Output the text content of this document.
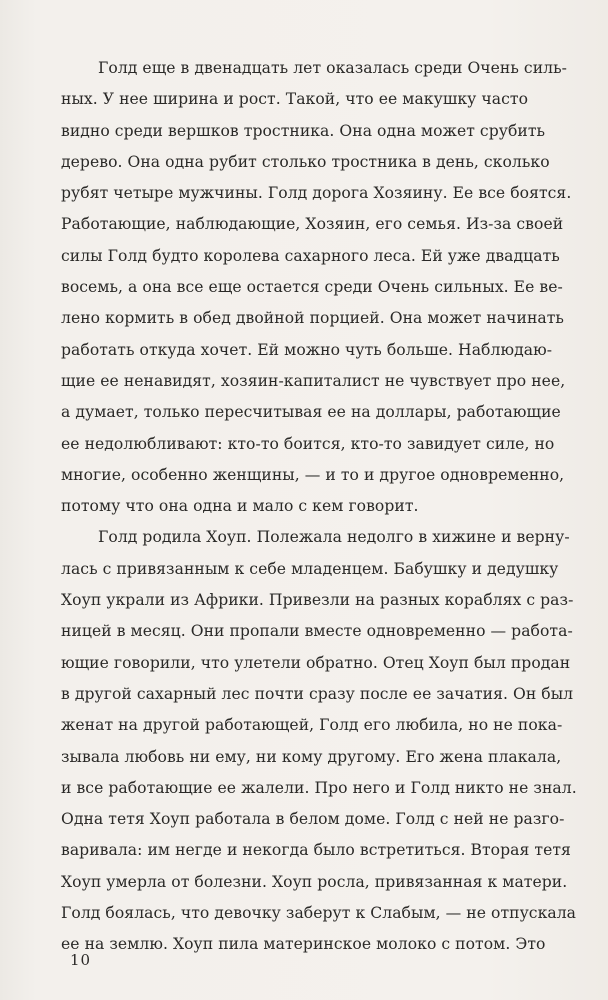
Голд еще в двенадцать лет оказалась среди Очень силь-
ных. У нее ширина и рост. Такой, что ее макушку часто
видно среди вершков тростника. Она одна может срубить
дерево. Она одна рубит столько тростника в день, сколько
рубят четыре мужчины. Голд дорога Хозяину. Ее все боятся.
Работающие, наблюдающие, Хозяин, его семья. Из-за своей
силы Голд будто королева сахарного леса. Ей уже двадцать
восемь, а она все еще остается среди Очень сильных. Ее ве-
лено кормить в обед двойной порцией. Она может начинать
работать откуда хочет. Ей можно чуть больше. Наблюдаю-
щие ее ненавидят, хозяин-капиталист не чувствует про нее,
а думает, только пересчитывая ее на доллары, работающие
ее недолюбливают: кто-то боится, кто-то завидует силе, но
многие, особенно женщины, — и то и другое одновременно,
потому что она одна и мало с кем говорит.
Голд родила Хоуп. Полежала недолго в хижине и верну-
лась с привязанным к себе младенцем. Бабушку и дедушку
Хоуп украли из Африки. Привезли на разных кораблях с раз-
ницей в месяц. Они пропали вместе одновременно — работа-
ющие говорили, что улетели обратно. Отец Хоуп был продан
в другой сахарный лес почти сразу после ее зачатия. Он был
женат на другой работающей, Голд его любила, но не пока-
зывала любовь ни ему, ни кому другому. Его жена плакала,
и все работающие ее жалели. Про него и Голд никто не знал.
Одна тетя Хоуп работала в белом доме. Голд с ней не разго-
варивала: им негде и некогда было встретиться. Вторая тетя
Хоуп умерла от болезни. Хоуп росла, привязанная к матери.
Голд боялась, что девочку заберут к Слабым, — не отпускала
ее на землю. Хоуп пила материнское молоко с потом. Это
10
